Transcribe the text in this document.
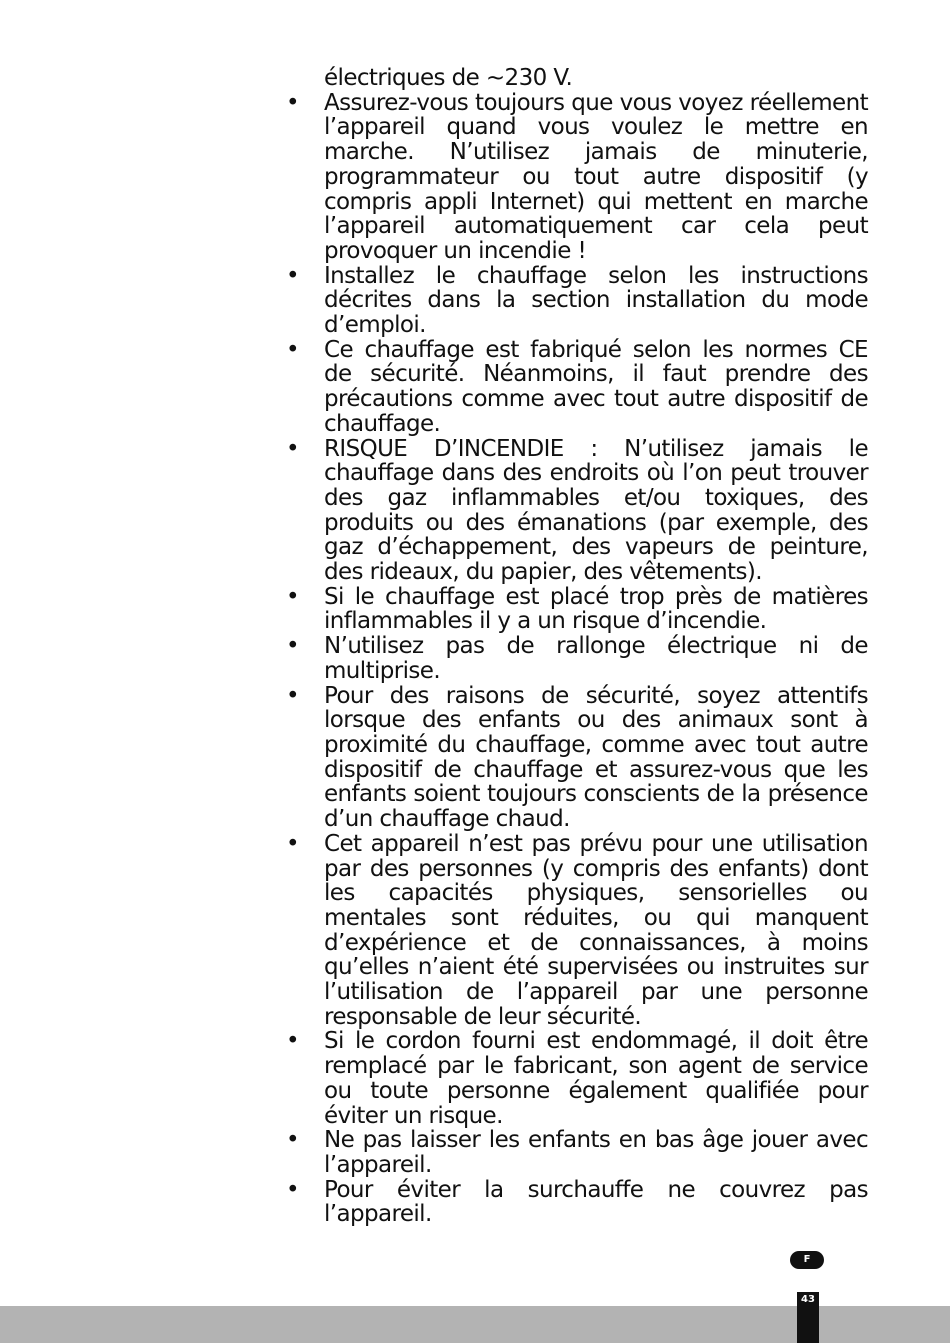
électriques de ~230 V.

• Assurez-vous toujours que vous voyez réellement l’appareil quand vous voulez le mettre en marche. N’utilisez jamais de minuterie, programmateur ou tout autre dispositif (y compris appli Internet) qui mettent en marche l’appareil automatiquement car cela peut provoquer un incendie !
• Installez le chauffage selon les instructions décrites dans la section installation du mode d’emploi.
• Ce chauffage est fabriqué selon les normes CE de sécurité. Néanmoins, il faut prendre des précautions comme avec tout autre dispositif de chauffage.
• RISQUE D’INCENDIE : N’utilisez jamais le chauffage dans des endroits où l’on peut trouver des gaz inflammables et/ou toxiques, des produits ou des émanations (par exemple, des gaz d’échappement, des vapeurs de peinture, des rideaux, du papier, des vêtements).
• Si le chauffage est placé trop près de matières inflammables il y a un risque d’incendie.
• N’utilisez pas de rallonge électrique ni de multiprise.
• Pour des raisons de sécurité, soyez attentifs lorsque des enfants ou des animaux sont à proximité du chauffage, comme avec tout autre dispositif de chauffage et assurez-vous que les enfants soient toujours conscients de la présence d’un chauffage chaud.
• Cet appareil n’est pas prévu pour une utilisation par des personnes (y compris des enfants) dont les capacités physiques, sensorielles ou mentales sont réduites, ou qui manquent d’expérience et de connaissances, à moins qu’elles n’aient été supervisées ou instruites sur l’utilisation de l’appareil par une personne responsable de leur sécurité.
• Si le cordon fourni est endommagé, il doit être remplacé par le fabricant, son agent de service ou toute personne également qualifiée pour éviter un risque.
• Ne pas laisser les enfants en bas âge jouer avec l’appareil.
• Pour éviter la surchauffe ne couvrez pas l’appareil.
F
43
